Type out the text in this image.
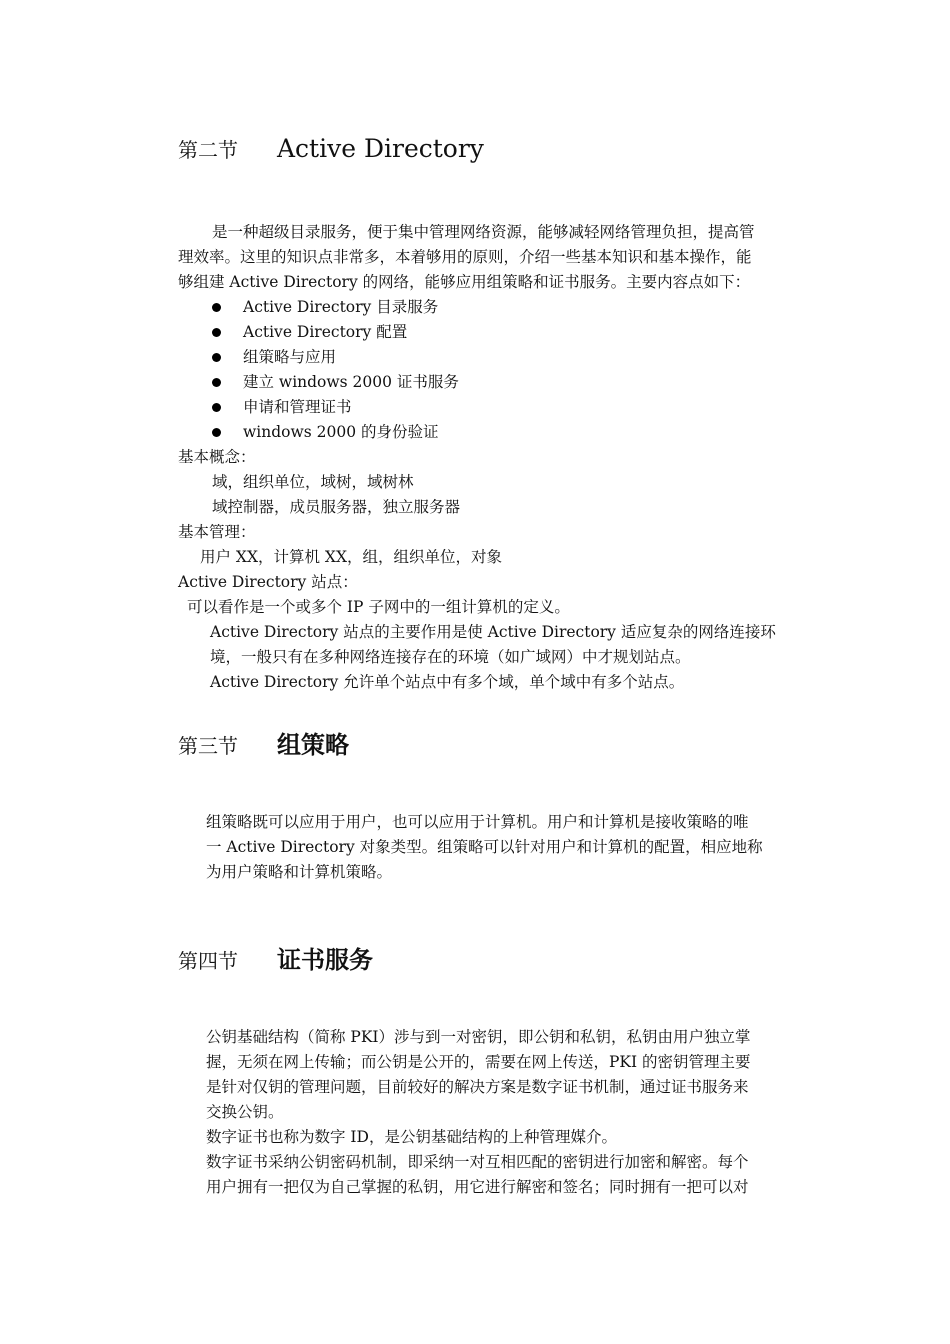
第二节 Active Directory
是一种超级目录服务，便于集中管理网络资源，能够减轻网络管理负担，提高管
理效率。这里的知识点非常多，本着够用的原则，介绍一些基本知识和基本操作，能
够组建 Active Directory 的网络，能够应用组策略和证书服务。主要内容点如下：
Active Directory 目录服务
Active Directory 配置
组策略与应用
建立 windows 2000 证书服务
申请和管理证书
windows 2000 的身份验证
基本概念：
域，组织单位，域树，域树林
域控制器，成员服务器，独立服务器
基本管理：
用户 XX，计算机 XX，组，组织单位，对象
Active Directory 站点：
可以看作是一个或多个 IP 子网中的一组计算机的定义。
Active Directory 站点的主要作用是使 Active Directory 适应复杂的网络连接环
境，一般只有在多种网络连接存在的环境（如广域网）中才规划站点。
Active Directory 允许单个站点中有多个域，单个域中有多个站点。
第三节 组策略
组策略既可以应用于用户，也可以应用于计算机。用户和计算机是接收策略的唯
一 Active Directory 对象类型。组策略可以针对用户和计算机的配置，相应地称
为用户策略和计算机策略。
第四节 证书服务
公钥基础结构（简称 PKI）涉与到一对密钥，即公钥和私钥，私钥由用户独立掌
握，无须在网上传输；而公钥是公开的，需要在网上传送，PKI 的密钥管理主要
是针对仅钥的管理问题，目前较好的解决方案是数字证书机制，通过证书服务来
交换公钥。
数字证书也称为数字 ID，是公钥基础结构的上种管理媒介。
数字证书采纳公钥密码机制，即采纳一对互相匹配的密钥进行加密和解密。每个
用户拥有一把仅为自己掌握的私钥，用它进行解密和签名；同时拥有一把可以对
